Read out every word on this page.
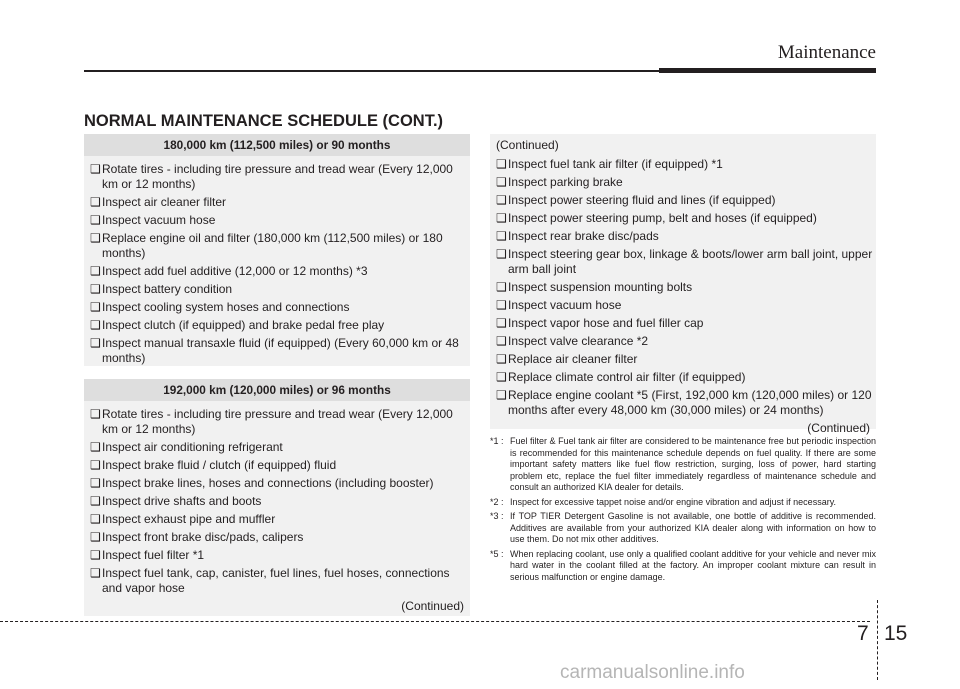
Maintenance
NORMAL MAINTENANCE SCHEDULE (CONT.)
180,000 km (112,500 miles) or 90 months
❑Rotate tires - including tire pressure and tread wear (Every 12,000 km or 12 months)
❑Inspect air cleaner filter
❑Inspect vacuum hose
❑Replace engine oil and filter (180,000 km (112,500 miles) or 180 months)
❑Inspect add fuel additive (12,000 or 12 months) *3
❑Inspect battery condition
❑Inspect cooling system hoses and connections
❑Inspect clutch (if equipped) and brake pedal free play
❑Inspect manual transaxle fluid (if equipped) (Every 60,000 km or 48 months)
192,000 km (120,000 miles) or 96 months
❑Rotate tires - including tire pressure and tread wear (Every 12,000 km or 12 months)
❑Inspect air conditioning refrigerant
❑Inspect brake fluid / clutch (if equipped) fluid
❑Inspect brake lines, hoses and connections (including booster)
❑Inspect drive shafts and boots
❑Inspect exhaust pipe and muffler
❑Inspect front brake disc/pads, calipers
❑Inspect fuel filter *1
❑Inspect fuel tank, cap, canister, fuel lines, fuel hoses, connections and vapor hose
(Continued)
(Continued)
❑Inspect fuel tank air filter (if equipped) *1
❑Inspect parking brake
❑Inspect power steering fluid and lines (if equipped)
❑Inspect power steering pump, belt and hoses (if equipped)
❑Inspect rear brake disc/pads
❑Inspect steering gear box, linkage & boots/lower arm ball joint, upper arm ball joint
❑Inspect suspension mounting bolts
❑Inspect vacuum hose
❑Inspect vapor hose and fuel filler cap
❑Inspect valve clearance *2
❑Replace air cleaner filter
❑Replace climate control air filter (if equipped)
❑Replace engine coolant *5 (First, 192,000 km (120,000 miles) or 120 months after every 48,000 km (30,000 miles) or 24 months)
(Continued)
*1 : Fuel filter & Fuel tank air filter are considered to be maintenance free but periodic inspection is recommended for this maintenance schedule depends on fuel quality. If there are some important safety matters like fuel flow restriction, surging, loss of power, hard starting problem etc, replace the fuel filter immediately regardless of maintenance schedule and consult an authorized KIA dealer for details.
*2 : Inspect for excessive tappet noise and/or engine vibration and adjust if necessary.
*3 : If TOP TIER Detergent Gasoline is not available, one bottle of additive is recommended. Additives are available from your authorized KIA dealer along with information on how to use them. Do not mix other additives.
*5 : When replacing coolant, use only a qualified coolant additive for your vehicle and never mix hard water in the coolant filled at the factory. An improper coolant mixture can result in serious malfunction or engine damage.
7 15
carmanualsonline.info
